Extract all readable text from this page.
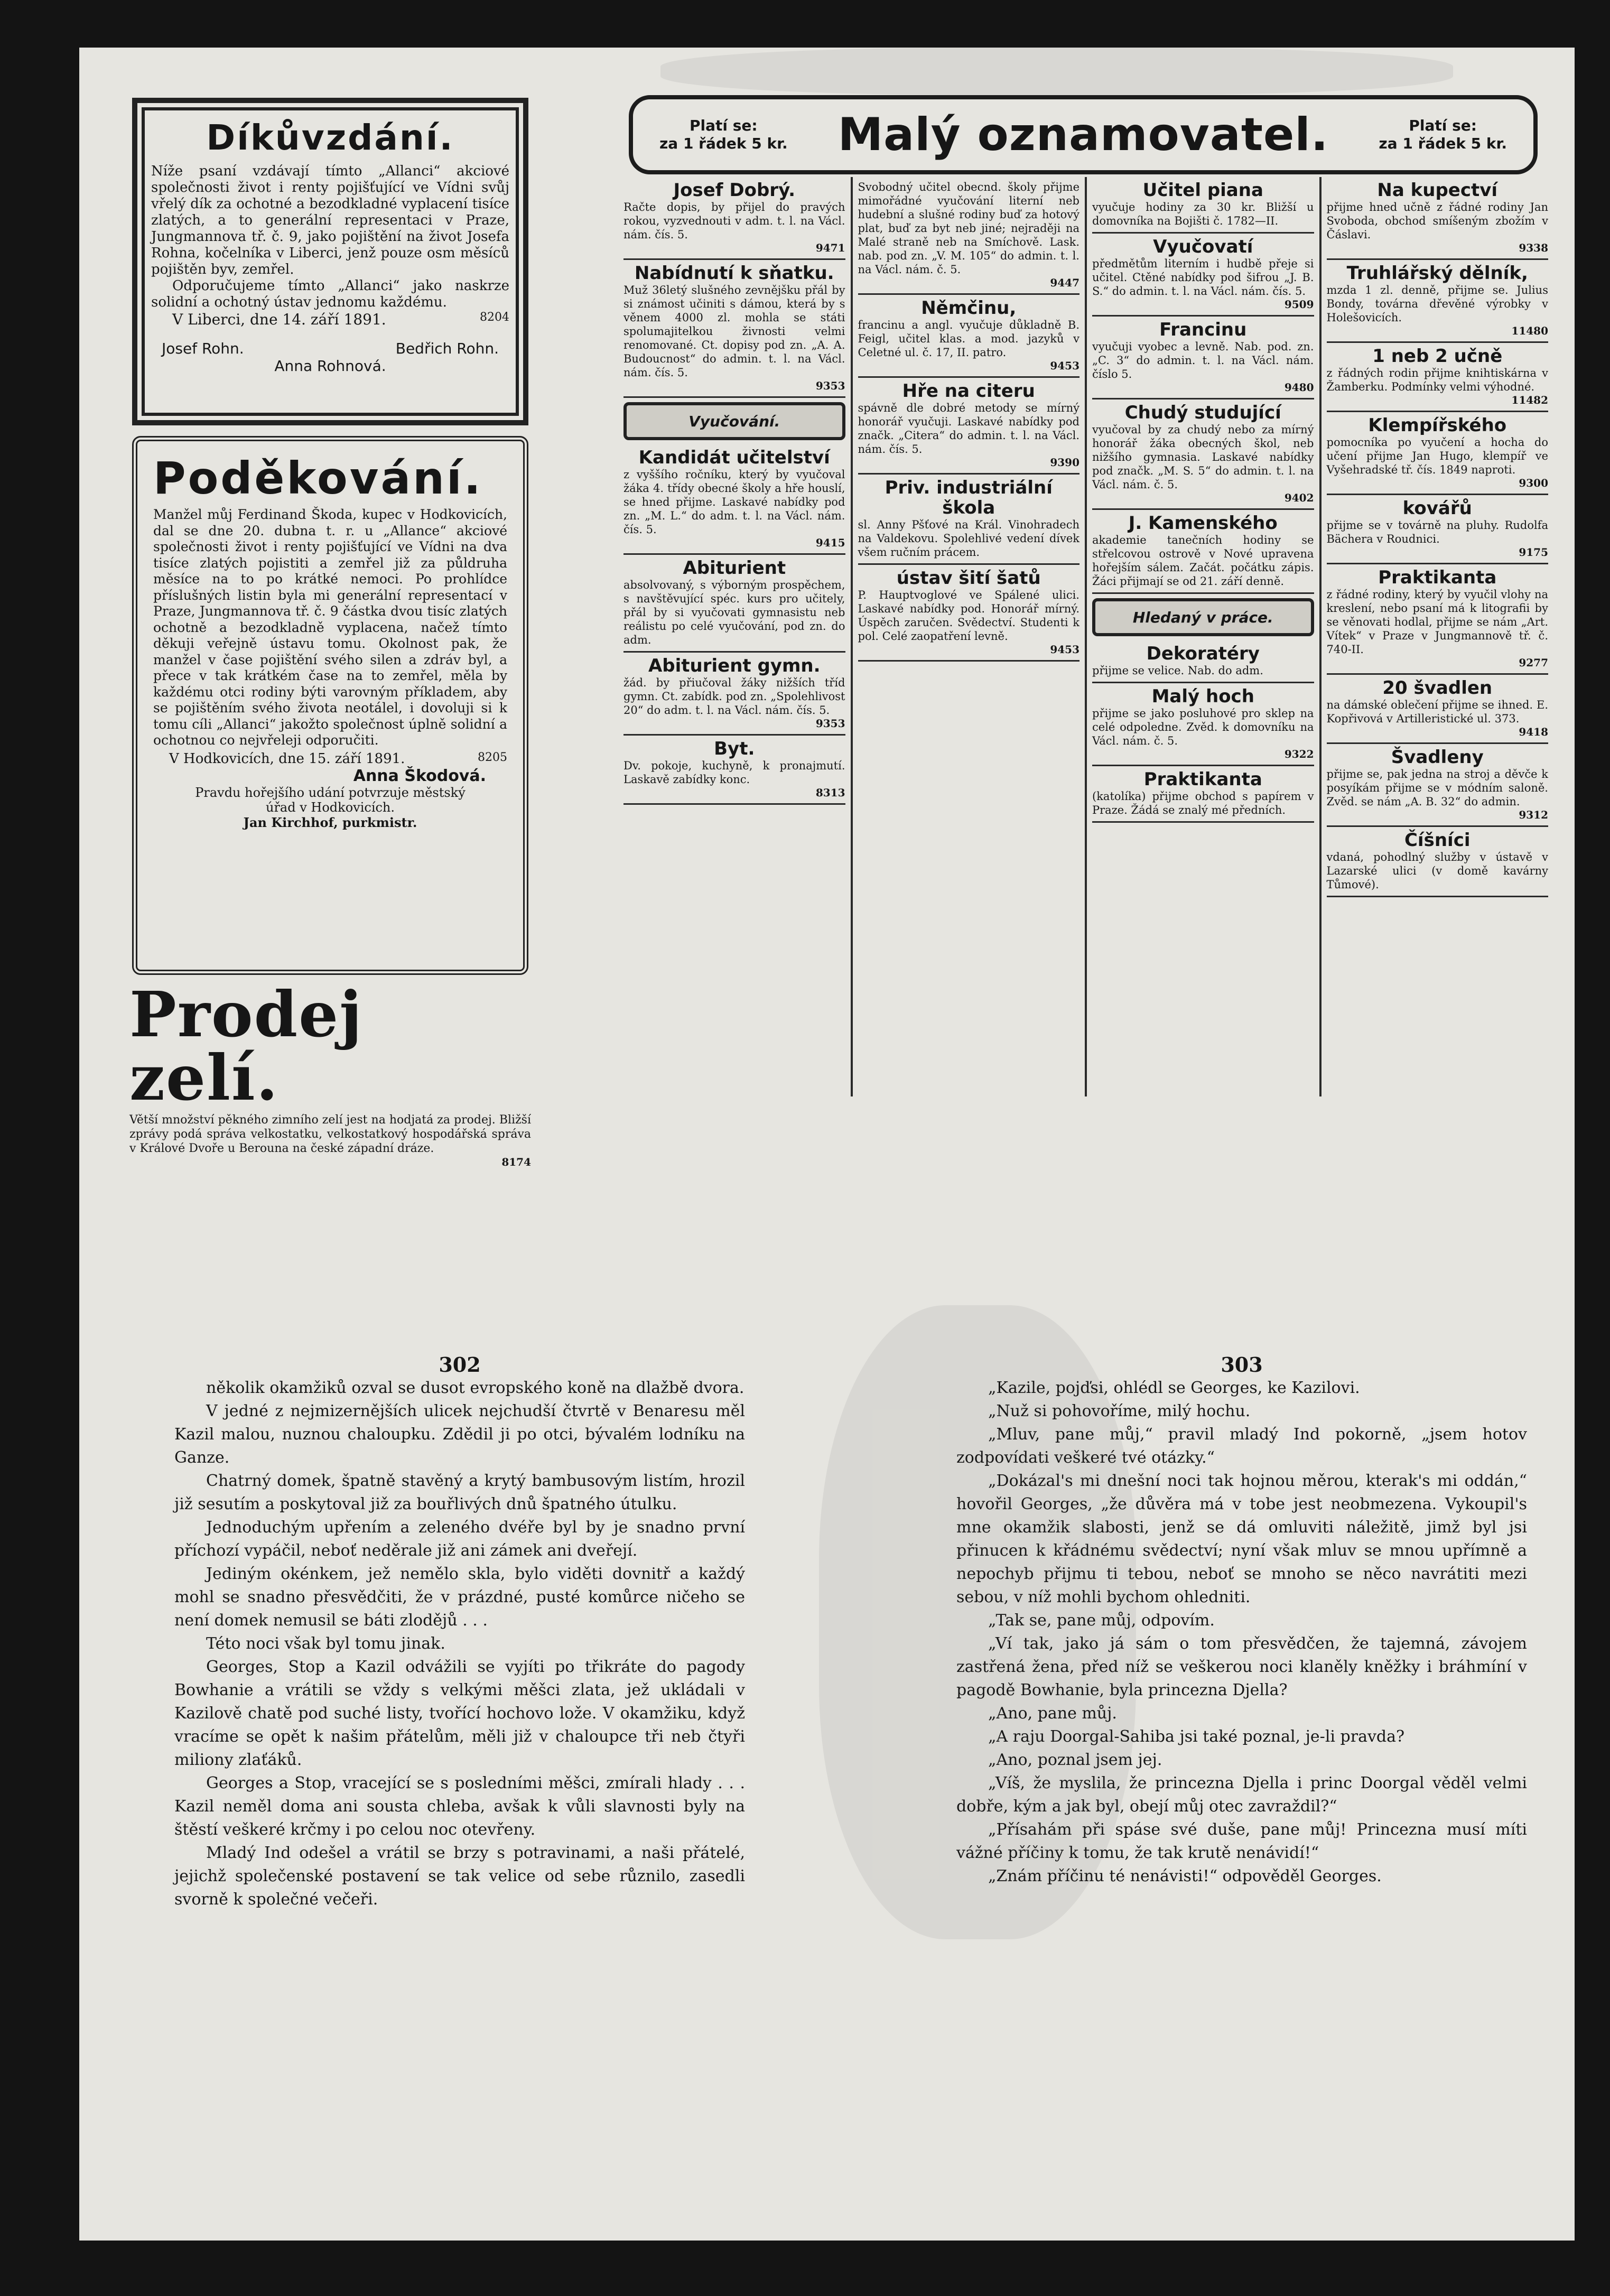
Díkůvzdání.
Níže psaní vzdávají tímto „Allanci“ akciové společnosti život i renty pojišťující ve Vídni svůj vřelý dík za ochotné a bezodkladné vyplacení tisíce zlatých, a to generální representaci v Praze, Jungmannova tř. č. 9, jako pojištění na život Josefa Rohna, kočelníka v Liberci, jenž pouze osm měsíců pojištěn byv, zemřel.
Odporučujeme tímto „Allanci“ jako naskrze solidní a ochotný ústav jednomu každému.
V Liberci, dne 14. září 1891.	8204
Josef Rohn.	Bedřich Rohn.
Anna Rohnová.
Poděkování.
Manžel můj Ferdinand Škoda, kupec v Hodkovicích, dal se dne 20. dubna t. r. u „Allance“ akciové společnosti život i renty pojišťující ve Vídni na dva tisíce zlatých pojistiti a zemřel již za půldruha měsíce na to po krátké nemoci. Po prohlídce příslušných listin byla mi generální representací v Praze, Jungmannova tř. č. 9 částka dvou tisíc zlatých ochotně a bezodkladně vyplacena, načež tímto děkuji veřejně ústavu tomu. Okolnost pak, že manžel v čase pojištění svého silen a zdráv byl, a přece v tak krátkém čase na to zemřel, měla by každému otci rodiny býti varovným příkladem, aby se pojištěním svého života neotálel, i dovoluji si k tomu cíli „Allanci“ jakožto společnost úplně solidní a ochotnou co nejvřeleji odporučiti.
V Hodkovicích, dne 15. září 1891.	8205
Anna Škodová.
Pravdu hořejšího udání potvrzuje městský úřad v Hodkovicích.
Jan Kirchhof, purkmistr.
Prodej zelí.
Větší množství pěkného zimního zelí jest na hodjatá za prodej. Bližší zprávy podá správa velkostatku, velkostatkový hospodářská správa v Králové Dvoře u Berouna na české západní dráze.
8174
Platí se:
za 1 řádek 5 kr. Malý oznamovatel.	Platí se:
za 1 řádek 5 kr.
Josef Dobrý.
Račte dopis, by přijel do pravých rokou, vyzvednouti v adm. t. l. na Václ. nám. čís. 5.
9471
Nabídnutí k sňatku.
Muž 36letý slušného zevnějšku přál by si známost učiniti s dámou, která by s věnem 4000 zl. mohla se státi spolumajitelkou živnosti velmi renomované. Ct. dopisy pod zn. „A. A. Budoucnost“ do admin. t. l. na Václ. nám. čís. 5.
9353
Vyučování.
Kandidát učitelství
z vyššího ročníku, který by vyučoval žáka 4. třídy obecné školy a hře houslí, se hned přijme. Laskavé nabídky pod zn. „M. L.“ do adm. t. l. na Václ. nám. čís. 5.
9415
Abiturient
absolvovaný, s výborným prospěchem, s navštěvující spéc. kurs pro učitely, přál by si vyučovati gymnasistu neb reálistu po celé vyučování, pod zn. do adm.
Abiturient gymn.
žád. by přiučoval žáky nižších tříd gymn. Ct. zabídk. pod zn. „Spolehlivost 20“ do adm. t. l. na Václ. nám. čís. 5.
9353
Byt.
Dv. pokoje, kuchyně, k pronajmutí. Laskavě zabídky konc.
8313
Svobodný učitel obecnd. školy přijme mimořádné vyučování literní neb hudební a slušné rodiny buď za hotový plat, buď za byt neb jiné; nejraději na Malé straně neb na Smíchově. Lask. nab. pod zn. „V. M. 105“ do admin. t. l. na Václ. nám. č. 5.
9447
Němčinu,
francinu a angl. vyučuje důkladně B. Feigl, učitel klas. a mod. jazyků v Celetné ul. č. 17, II. patro.
9453
Hře na citeru
spávně dle dobré metody se mírný honorář vyučuji. Laskavé nabídky pod značk. „Citera“ do admin. t. l. na Václ. nám. čís. 5.
9390
Priv. industriální škola
sl. Anny Pšťové na Král. Vinohradech na Valdekovu. Spolehlivé vedení dívek všem ručním prácem.
ústav šití šatů
P. Hauptvoglové ve Spálené ulici. Laskavé nabídky pod. Honorář mírný. Úspěch zaručen. Svědectví. Studenti k pol. Celé zaopatření levně.
9453
Učitel piana
vyučuje hodiny za 30 kr. Bližší u domovníka na Bojišti č. 1782—II.
Vyučovatí
předmětům literním i hudbě přeje si učitel. Ctěné nabídky pod šifrou „J. B. S.“ do admin. t. l. na Václ. nám. čís. 5.
9509
Francinu
vyučuji vyobec a levně. Nab. pod. zn. „C. 3“ do admin. t. l. na Václ. nám. číslo 5.
9480
Chudý studující
vyučoval by za chudý nebo za mírný honorář žáka obecných škol, neb nižšího gymnasia. Laskavé nabídky pod značk. „M. S. 5“ do admin. t. l. na Václ. nám. č. 5.
9402
J. Kamenského
akademie tanečních hodiny se střelcovou ostrově v Nové upravena hořejším sálem. Začát. počátku zápis. Žáci přijmají se od 21. září denně.
Hledaný v práce.
Dekoratéry
přijme se velice. Nab. do adm.
Malý hoch
přijme se jako posluhové pro sklep na celé odpoledne. Zvěd. k domovníku na Václ. nám. č. 5.
9322
Praktikanta
(katolíka) přijme obchod s papírem v Praze. Žádá se znalý mé předních.
Na kupectví
přijme hned učně z řádné rodiny Jan Svoboda, obchod smíšeným zbožím v Čáslavi.
9338
Truhlářský dělník,
mzda 1 zl. denně, přijme se. Julius Bondy, továrna dřevěné výrobky v Holešovicích.
11480
1 neb 2 učně
z řádných rodin přijme knihtiskárna v Žamberku. Podmínky velmi výhodné.
11482
Klempířského
pomocníka po vyučení a hocha do učení přijme Jan Hugo, klempíř ve Vyšehradské tř. čís. 1849 naproti.
9300
kovářů
přijme se v továrně na pluhy. Rudolfa Bächera v Roudnici.
9175
Praktikanta
z řádné rodiny, který by vyučil vlohy na kreslení, nebo psaní má k litografii by se věnovati hodlal, přijme se nám „Art. Vítek“ v Praze v Jungmannově tř. č. 740-II.
9277
20 švadlen
na dámské oblečení přijme se ihned. E. Kopřivová v Artilleristické ul. 373.
9418
Švadleny
přijme se, pak jedna na stroj a děvče k posyíkám přijme se v módním saloně. Zvěd. se nám „A. B. 32“ do admin.
9312
Číšníci
vdaná, pohodlný služby v ústavě v Lazarské ulici (v domě kavárny Tůmové).
302

několik okamžiků ozval se dusot evropského koně na dlažbě dvora.

V jedné z nejmizernějších ulicek nejchudší čtvrtě v Benaresu měl Kazil malou, nuznou chaloupku. Zdědil ji po otci, bývalém lodníku na Ganze.

Chatrný domek, špatně stavěný a krytý bambusovým listím, hrozil již sesutím a poskytoval již za bouřlivých dnů špatného útulku.

Jednoduchým upřením a zeleného dvéře byl by je snadno první příchozí vypáčil, neboť neděrale již ani zámek ani dveřejí.

Jediným okénkem, jež nemělo skla, bylo viděti dovnitř a každý mohl se snadno přesvědčiti, že v prázdné, pusté komůrce ničeho se není domek nemusil se báti zlodějů . . .

Této noci však byl tomu jinak.

Georges, Stop a Kazil odvážili se vyjíti po třikráte do pagody Bowhanie a vrátili se vždy s velkými měšci zlata, jež ukládali v Kazilově chatě pod suché listy, tvořící hochovo lože. V okamžiku, když vracíme se opět k našim přátelům, měli již v chaloupce tři neb čtyři miliony zlaťáků.

Georges a Stop, vracející se s posledními měšci, zmírali hlady . . . Kazil neměl doma ani sousta chleba, avšak k vůli slavnosti byly na štěstí veškeré krčmy i po celou noc otevřeny.

Mladý Ind odešel a vrátil se brzy s potravinami, a naši přátelé, jejichž společenské postavení se tak velice od sebe různilo, zasedli svorně k společné večeři.

303

„Kazile, pojďsi, ohlédl se Georges, ke Kazilovi.

„Nuž si pohovoříme, milý hochu.

„Mluv, pane můj,“ pravil mladý Ind pokorně, „jsem hotov zodpovídati veškeré tvé otázky.“

„Dokázal's mi dnešní noci tak hojnou měrou, kterak's mi oddán,“ hovořil Georges, „že důvěra má v tobe jest neobmezena. Vykoupil's mne okamžik slabosti, jenž se dá omluviti náležitě, jimž byl jsi přinucen k křádnému svědectví; nyní však mluv se mnou upřímně a nepochyb přijmu ti tebou, neboť se mnoho se něco navrátiti mezi sebou, v níž mohli bychom ohledniti.

„Tak se, pane můj, odpovím.

„Ví tak, jako já sám o tom přesvědčen, že tajemná, závojem zastřená žena, před níž se veškerou noci klaněly kněžky i bráhmíní v pagodě Bowhanie, byla princezna Djella?

„Ano, pane můj.

„A raju Doorgal-Sahiba jsi také poznal, je-li pravda?

„Ano, poznal jsem jej.

„Víš, že myslila, že princezna Djella i princ Doorgal věděl velmi dobře, kým a jak byl, obejí můj otec zavraždil?“

„Přísahám při spáse své duše, pane můj! Princezna musí míti vážné příčiny k tomu, že tak krutě nenávidí!“

„Znám příčinu té nenávisti!“ odpověděl Georges.
